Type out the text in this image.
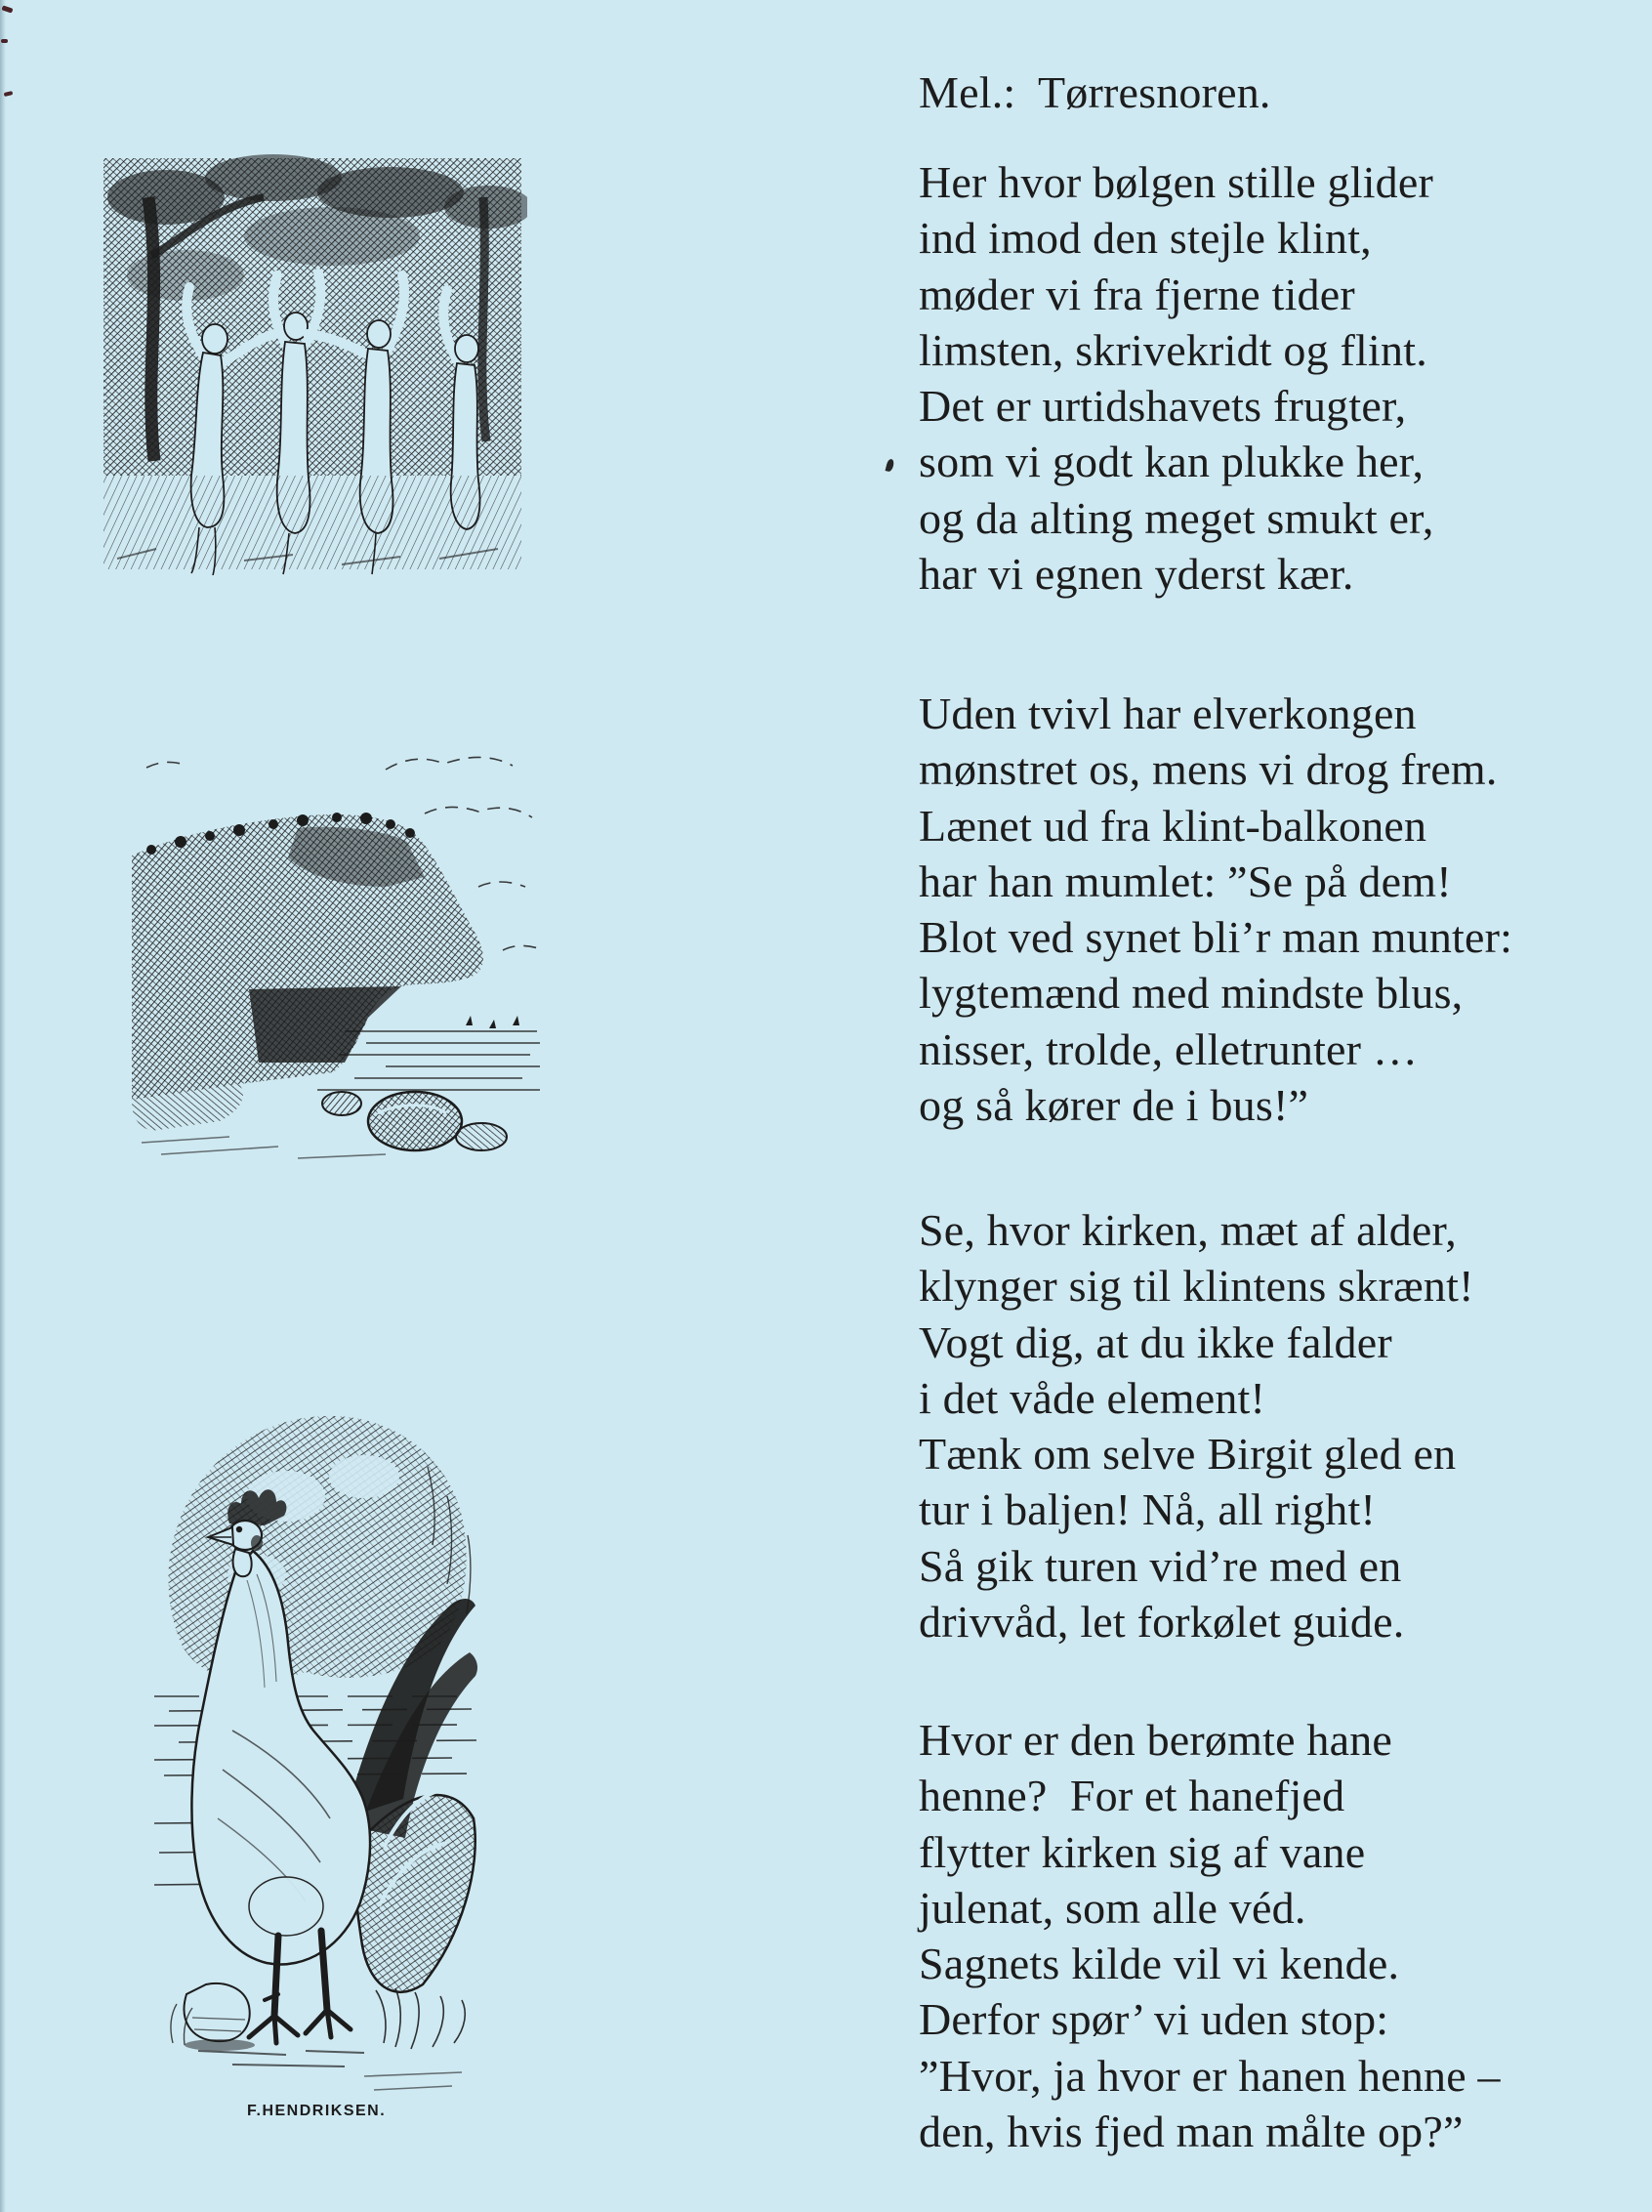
F.HENDRIKSEN.
Mel.:  Tørresnoren.
Her hvor bølgen stille glider
ind imod den stejle klint,
møder vi fra fjerne tider
limsten, skrivekridt og flint.
Det er urtidshavets frugter,
som vi godt kan plukke her,
og da alting meget smukt er,
har vi egnen yderst kær.
Uden tvivl har elverkongen
mønstret os, mens vi drog frem.
Lænet ud fra klint-balkonen
har han mumlet: ”Se på dem!
Blot ved synet bli’r man munter:
lygtemænd med mindste blus,
nisser, trolde, elletrunter …
og så kører de i bus!”
Se, hvor kirken, mæt af alder,
klynger sig til klintens skrænt!
Vogt dig, at du ikke falder
i det våde element!
Tænk om selve Birgit gled en
tur i baljen! Nå, all right!
Så gik turen vid’re med en
drivvåd, let forkølet guide.
Hvor er den berømte hane
henne?  For et hanefjed
flytter kirken sig af vane
julenat, som alle véd.
Sagnets kilde vil vi kende.
Derfor spør’ vi uden stop:
”Hvor, ja hvor er hanen henne –
den, hvis fjed man målte op?”
